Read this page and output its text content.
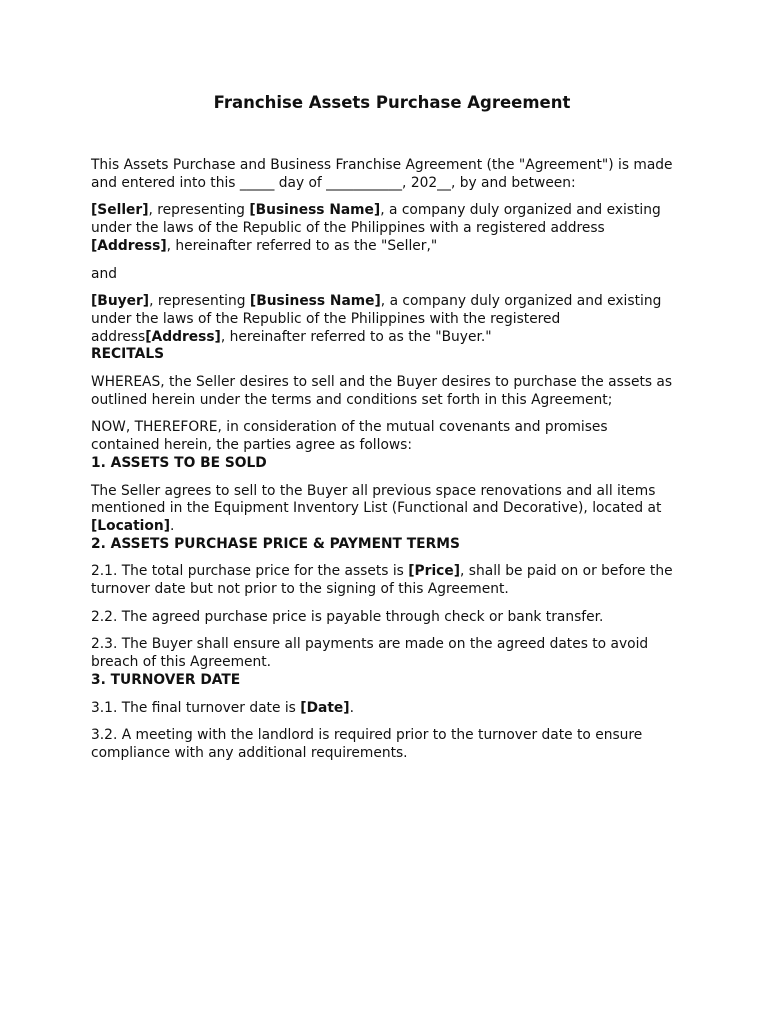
Franchise Assets Purchase Agreement

This Assets Purchase and Business Franchise Agreement (the "Agreement") is made
and entered into this _____ day of ___________, 202__, by and between:

[Seller], representing [Business Name], a company duly organized and existing
under the laws of the Republic of the Philippines with a registered address
[Address], hereinafter referred to as the "Seller,"

and

[Buyer], representing [Business Name], a company duly organized and existing
under the laws of the Republic of the Philippines with the registered
address[Address], hereinafter referred to as the "Buyer."

RECITALS

WHEREAS, the Seller desires to sell and the Buyer desires to purchase the assets as
outlined herein under the terms and conditions set forth in this Agreement;

NOW, THEREFORE, in consideration of the mutual covenants and promises
contained herein, the parties agree as follows:

1. ASSETS TO BE SOLD

The Seller agrees to sell to the Buyer all previous space renovations and all items
mentioned in the Equipment Inventory List (Functional and Decorative), located at
[Location].

2. ASSETS PURCHASE PRICE & PAYMENT TERMS

2.1. The total purchase price for the assets is [Price], shall be paid on or before the
turnover date but not prior to the signing of this Agreement.

2.2. The agreed purchase price is payable through check or bank transfer.

2.3. The Buyer shall ensure all payments are made on the agreed dates to avoid
breach of this Agreement.

3. TURNOVER DATE

3.1. The final turnover date is [Date].

3.2. A meeting with the landlord is required prior to the turnover date to ensure
compliance with any additional requirements.
